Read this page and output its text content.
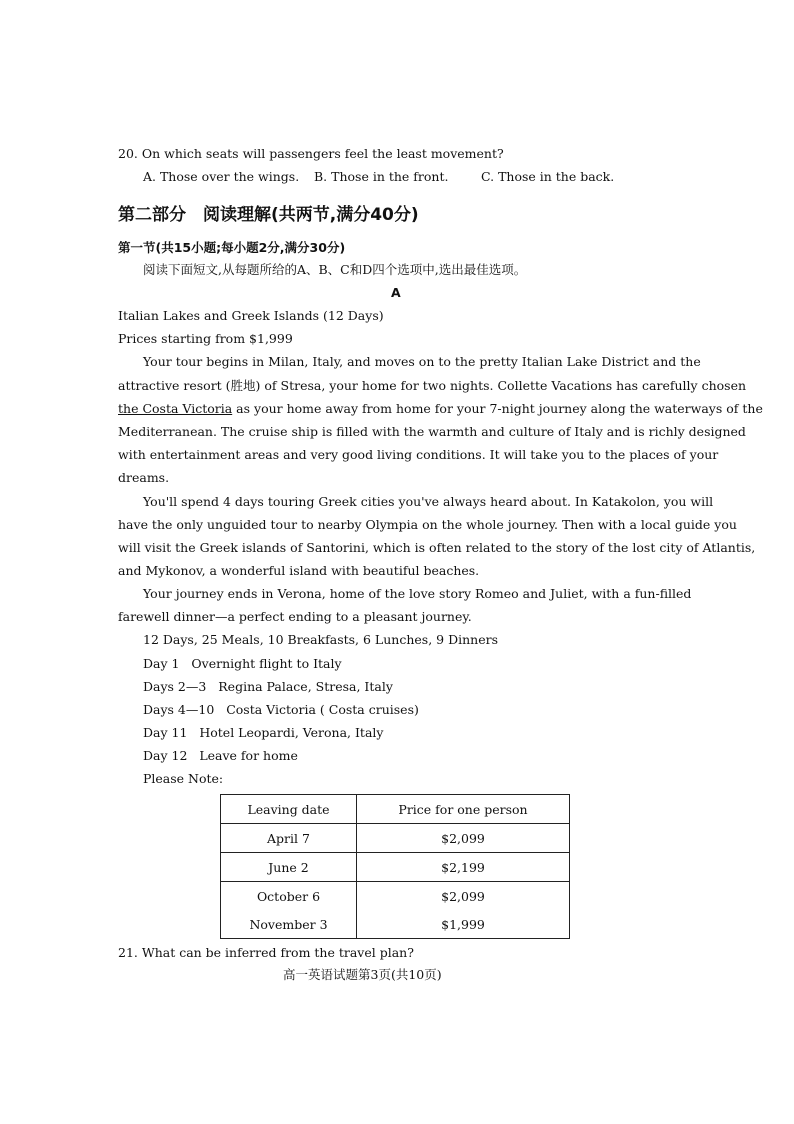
20. On which seats will passengers feel the least movement?
A. Those over the wings. B. Those in the front.	C. Those in the back.
第二部分　阅读理解(共两节,满分40分)
第一节(共15小题;每小题2分,满分30分)
阅读下面短文,从每题所给的A、B、C和D四个选项中,选出最佳选项。
A
Italian Lakes and Greek Islands (12 Days)
Prices starting from $1,999
Your tour begins in Milan, Italy, and moves on to the pretty Italian Lake District and the
attractive resort (胜地) of Stresa, your home for two nights. Collette Vacations has carefully chosen
the Costa Victoria as your home away from home for your 7-night journey along the waterways of the
Mediterranean. The cruise ship is filled with the warmth and culture of Italy and is richly designed
with entertainment areas and very good living conditions. It will take you to the places of your
dreams.
You'll spend 4 days touring Greek cities you've always heard about. In Katakolon, you will
have the only unguided tour to nearby Olympia on the whole journey. Then with a local guide you
will visit the Greek islands of Santorini, which is often related to the story of the lost city of Atlantis,
and Mykonov, a wonderful island with beautiful beaches.
Your journey ends in Verona, home of the love story Romeo and Juliet, with a fun-filled
farewell dinner—a perfect ending to a pleasant journey.
12 Days, 25 Meals, 10 Breakfasts, 6 Lunches, 9 Dinners
Day 1 Overnight flight to Italy
Days 2—3 Regina Palace, Stresa, Italy
Days 4—10 Costa Victoria ( Costa cruises)
Day 11 Hotel Leopardi, Verona, Italy
Day 12 Leave for home
Please Note:
Leaving date	Price for one person
April 7	$2,099
June 2	$2,199
October 6	$2,099
November 3	$1,999
21. What can be inferred from the travel plan?
高一英语试题第3页(共10页)
